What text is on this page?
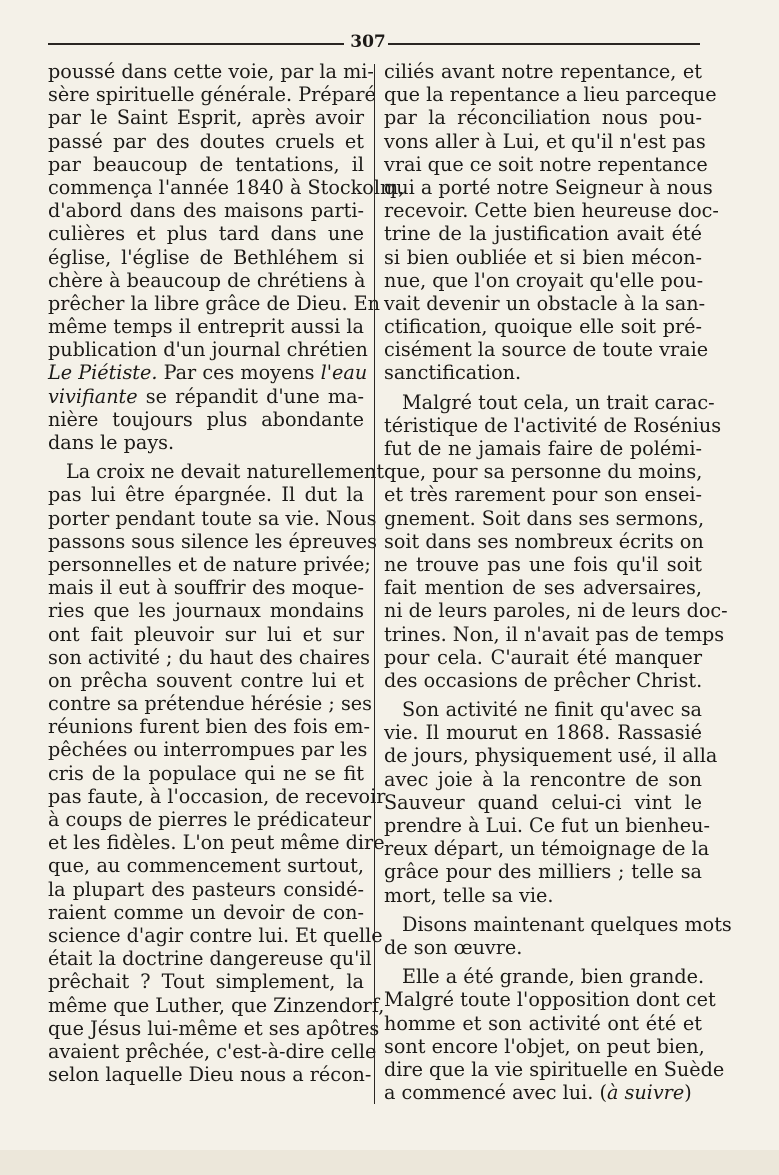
307
poussé dans cette voie, par la mi-
sère spirituelle générale. Préparé
par le Saint Esprit, après avoir
passé par des doutes cruels et
par beaucoup de tentations, il
commença l'année 1840 à Stockolm,
d'abord dans des maisons parti-
culières et plus tard dans une
église, l'église de Bethléhem si
chère à beaucoup de chrétiens à
prêcher la libre grâce de Dieu. En
même temps il entreprit aussi la
publication d'un journal chrétien
Le Piétiste. Par ces moyens l'eau
vivifiante se répandit d'une ma-
nière toujours plus abondante
dans le pays.
La croix ne devait naturellement
pas lui être épargnée. Il dut la
porter pendant toute sa vie. Nous
passons sous silence les épreuves
personnelles et de nature privée;
mais il eut à souffrir des moque-
ries que les journaux mondains
ont fait pleuvoir sur lui et sur
son activité ; du haut des chaires
on prêcha souvent contre lui et
contre sa prétendue hérésie ; ses
réunions furent bien des fois em-
pêchées ou interrompues par les
cris de la populace qui ne se fit
pas faute, à l'occasion, de recevoir
à coups de pierres le prédicateur
et les fidèles. L'on peut même dire
que, au commencement surtout,
la plupart des pasteurs considé-
raient comme un devoir de con-
science d'agir contre lui. Et quelle
était la doctrine dangereuse qu'il
prêchait ? Tout simplement, la
même que Luther, que Zinzendorf,
que Jésus lui-même et ses apôtres
avaient prêchée, c'est-à-dire celle
selon laquelle Dieu nous a récon-
ciliés avant notre repentance, et
que la repentance a lieu parceque
par la réconciliation nous pou-
vons aller à Lui, et qu'il n'est pas
vrai que ce soit notre repentance
qui a porté notre Seigneur à nous
recevoir. Cette bien heureuse doc-
trine de la justification avait été
si bien oubliée et si bien mécon-
nue, que l'on croyait qu'elle pou-
vait devenir un obstacle à la san-
ctification, quoique elle soit pré-
cisément la source de toute vraie
sanctification.
Malgré tout cela, un trait carac-
téristique de l'activité de Rosénius
fut de ne jamais faire de polémi-
que, pour sa personne du moins,
et très rarement pour son ensei-
gnement. Soit dans ses sermons,
soit dans ses nombreux écrits on
ne trouve pas une fois qu'il soit
fait mention de ses adversaires,
ni de leurs paroles, ni de leurs doc-
trines. Non, il n'avait pas de temps
pour cela. C'aurait été manquer
des occasions de prêcher Christ.
Son activité ne finit qu'avec sa
vie. Il mourut en 1868. Rassasié
de jours, physiquement usé, il alla
avec joie à la rencontre de son
Sauveur quand celui-ci vint le
prendre à Lui. Ce fut un bienheu-
reux départ, un témoignage de la
grâce pour des milliers ; telle sa
mort, telle sa vie.
Disons maintenant quelques mots
de son œuvre.
Elle a été grande, bien grande.
Malgré toute l'opposition dont cet
homme et son activité ont été et
sont encore l'objet, on peut bien,
dire que la vie spirituelle en Suède
a commencé avec lui. (à suivre)
